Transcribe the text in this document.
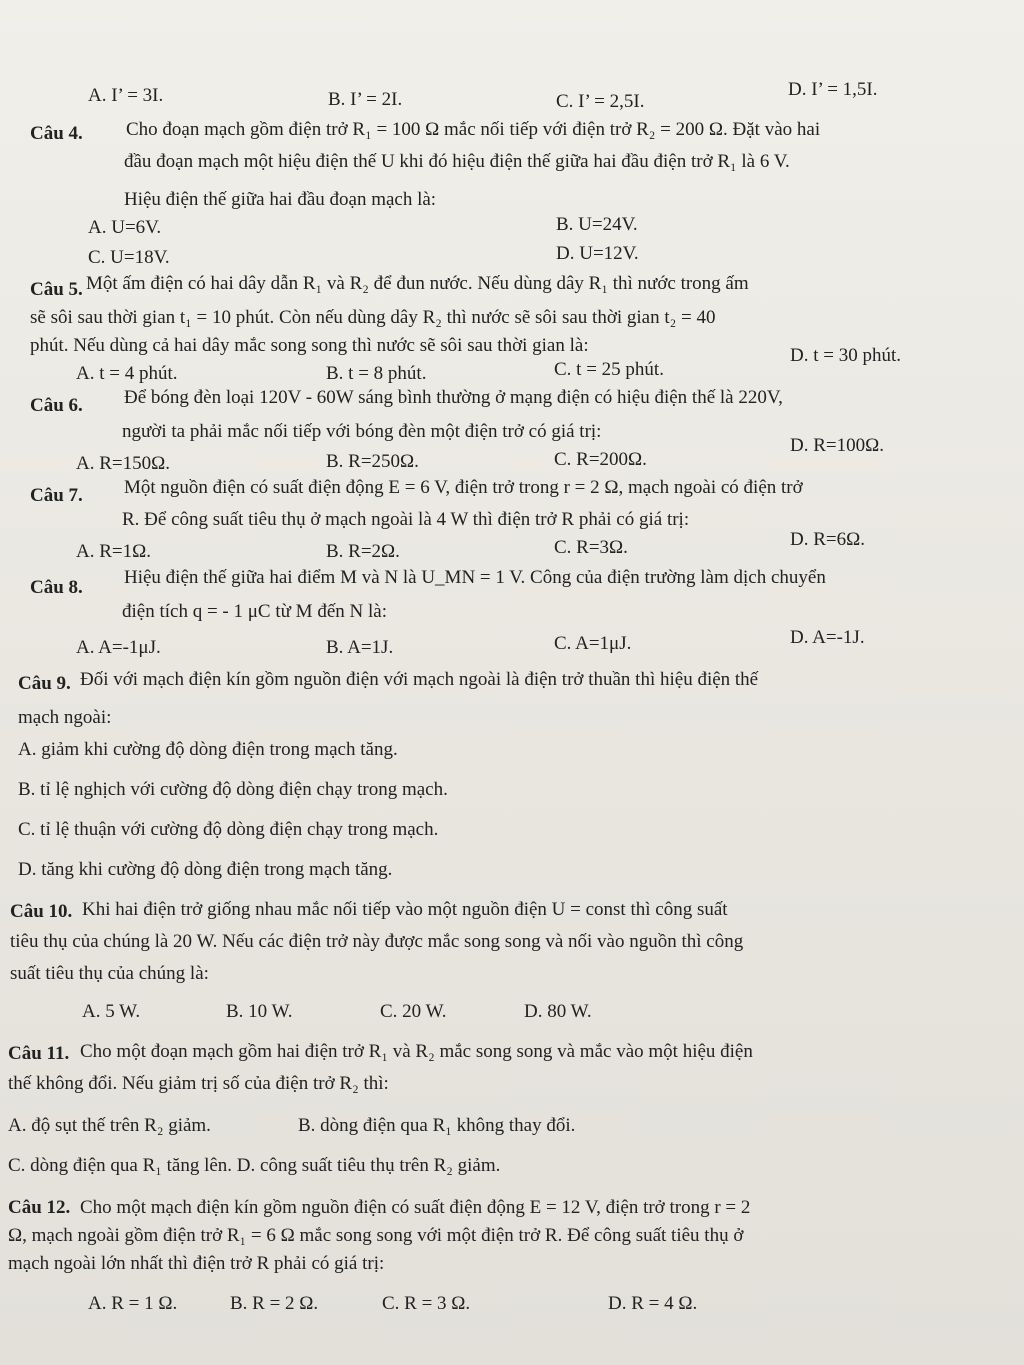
A. I’ = 3I.	B. I’ = 2I.	C. I’ = 2,5I.
D. I’ = 1,5I.
Câu 4. Cho đoạn mạch gồm điện trở R₁ = 100 Ω mắc nối tiếp với điện trở R₂ = 200 Ω. Đặt vào hai
đầu đoạn mạch một hiệu điện thế U khi đó hiệu điện thế giữa hai đầu điện trở R₁ là 6 V.
Hiệu điện thế giữa hai đầu đoạn mạch là:
A. U=6V.	B. U=24V.
C. U=18V.	D. U=12V.
Câu 5. Một ấm điện có hai dây dẫn R₁ và R₂ để đun nước. Nếu dùng dây R₁ thì nước trong ấm
sẽ sôi sau thời gian t₁ = 10 phút. Còn nếu dùng dây R₂ thì nước sẽ sôi sau thời gian t₂ = 40
phút. Nếu dùng cả hai dây mắc song song thì nước sẽ sôi sau thời gian là:
A. t = 4 phút.	B. t = 8 phút.	C. t = 25 phút.
D. t = 30 phút.
Câu 6. Để bóng đèn loại 120V - 60W sáng bình thường ở mạng điện có hiệu điện thế là 220V,
người ta phải mắc nối tiếp với bóng đèn một điện trở có giá trị:
A. R=150Ω.	B. R=250Ω.	C. R=200Ω.
D. R=100Ω.
Câu 7. Một nguồn điện có suất điện động E = 6 V, điện trở trong r = 2 Ω, mạch ngoài có điện trở
R. Để công suất tiêu thụ ở mạch ngoài là 4 W thì điện trở R phải có giá trị:
A. R=1Ω.	B. R=2Ω.	C. R=3Ω.	D. R=6Ω.
Câu 8. Hiệu điện thế giữa hai điểm M và N là U_MN = 1 V. Công của điện trường làm dịch chuyển
điện tích q = - 1 μC từ M đến N là:
A. A=-1μJ.	B. A=1J.	C. A=1μJ.	D. A=-1J.
Câu 9. Đối với mạch điện kín gồm nguồn điện với mạch ngoài là điện trở thuần thì hiệu điện thế
mạch ngoài:
A. giảm khi cường độ dòng điện trong mạch tăng.
B. tỉ lệ nghịch với cường độ dòng điện chạy trong mạch.
C. tỉ lệ thuận với cường độ dòng điện chạy trong mạch.
D. tăng khi cường độ dòng điện trong mạch tăng.
Câu 10. Khi hai điện trở giống nhau mắc nối tiếp vào một nguồn điện U = const thì công suất
tiêu thụ của chúng là 20 W. Nếu các điện trở này được mắc song song và nối vào nguồn thì công
suất tiêu thụ của chúng là:
A. 5 W.	B. 10 W.	C. 20 W.	D. 80 W.
Câu 11. Cho một đoạn mạch gồm hai điện trở R₁ và R₂ mắc song song và mắc vào một hiệu điện
thế không đổi. Nếu giảm trị số của điện trở R₂ thì:
A. độ sụt thế trên R₂ giảm.	B. dòng điện qua R₁ không thay đổi.
C. dòng điện qua R₁ tăng lên. D. công suất tiêu thụ trên R₂ giảm.
Câu 12. Cho một mạch điện kín gồm nguồn điện có suất điện động E = 12 V, điện trở trong r = 2
Ω, mạch ngoài gồm điện trở R₁ = 6 Ω mắc song song với một điện trở R. Để công suất tiêu thụ ở
mạch ngoài lớn nhất thì điện trở R phải có giá trị:
A. R = 1 Ω.	B. R = 2 Ω.	C. R = 3 Ω.	D. R = 4 Ω.
